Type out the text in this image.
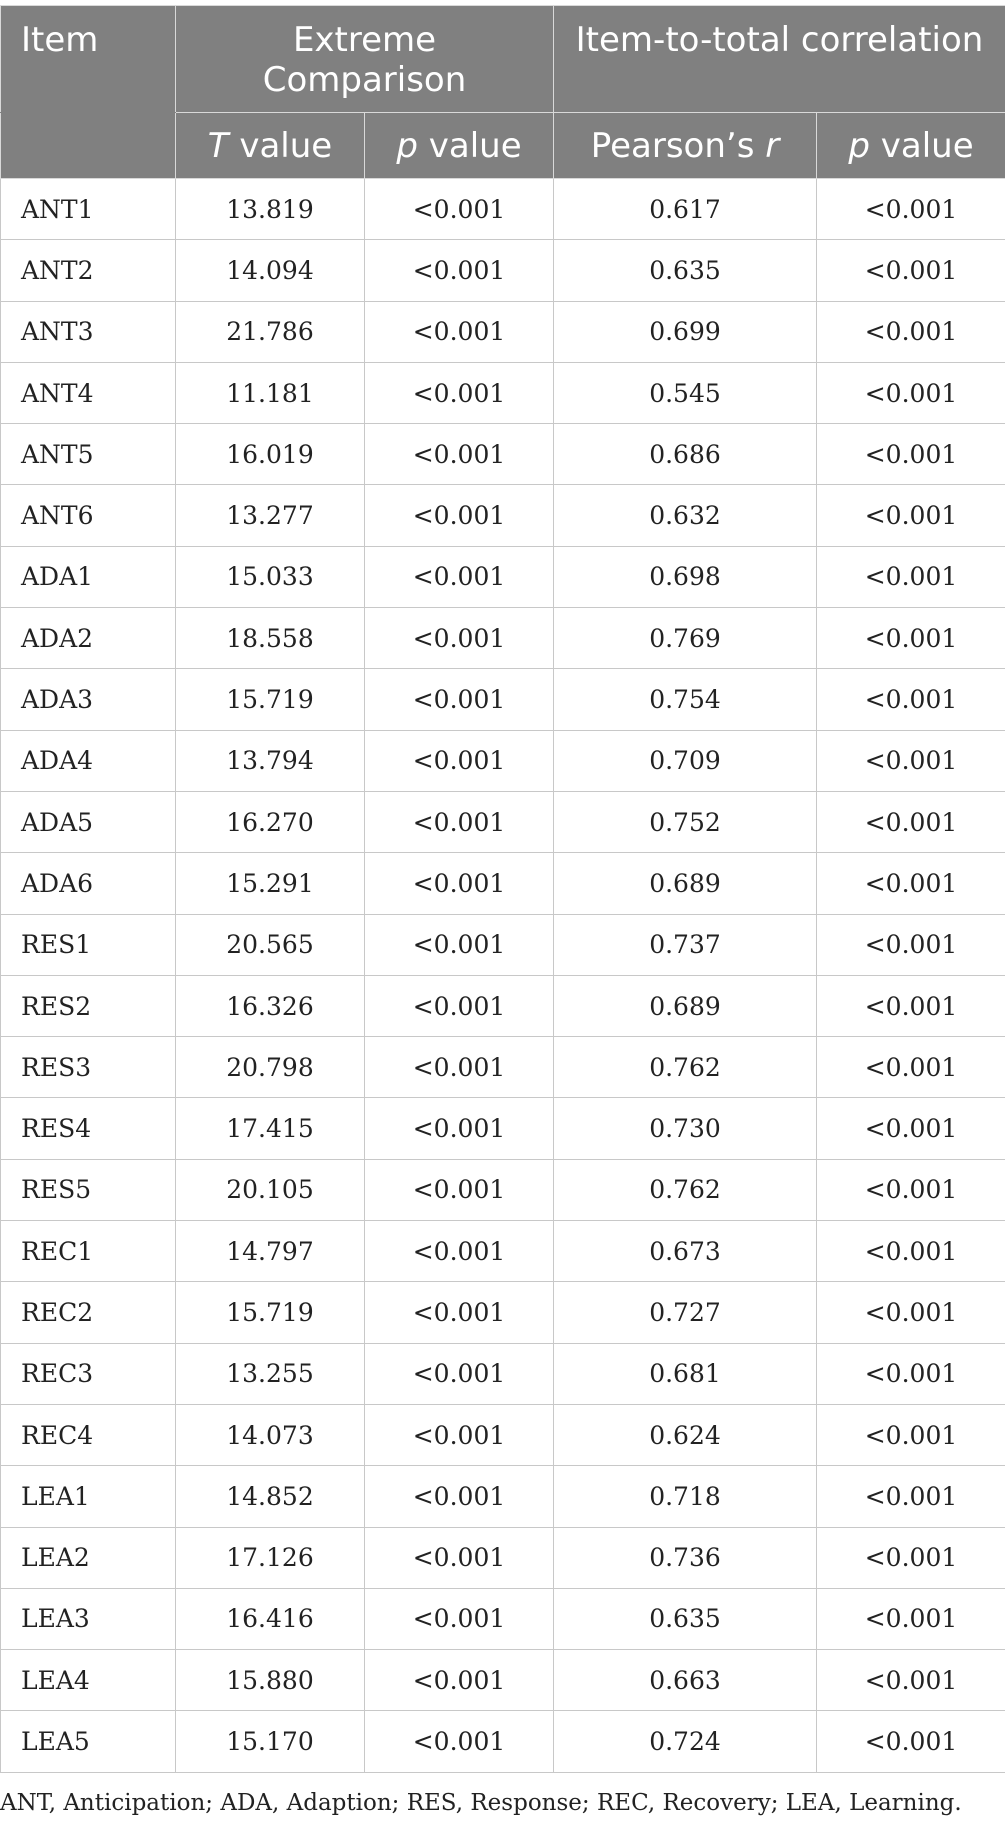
Item	Extreme Comparison		Item-to-total correlation	
	T value	p value	Pearson’s r	p value
ANT1	13.819	<0.001	0.617	<0.001
ANT2	14.094	<0.001	0.635	<0.001
ANT3	21.786	<0.001	0.699	<0.001
ANT4	11.181	<0.001	0.545	<0.001
ANT5	16.019	<0.001	0.686	<0.001
ANT6	13.277	<0.001	0.632	<0.001
ADA1	15.033	<0.001	0.698	<0.001
ADA2	18.558	<0.001	0.769	<0.001
ADA3	15.719	<0.001	0.754	<0.001
ADA4	13.794	<0.001	0.709	<0.001
ADA5	16.270	<0.001	0.752	<0.001
ADA6	15.291	<0.001	0.689	<0.001
RES1	20.565	<0.001	0.737	<0.001
RES2	16.326	<0.001	0.689	<0.001
RES3	20.798	<0.001	0.762	<0.001
RES4	17.415	<0.001	0.730	<0.001
RES5	20.105	<0.001	0.762	<0.001
REC1	14.797	<0.001	0.673	<0.001
REC2	15.719	<0.001	0.727	<0.001
REC3	13.255	<0.001	0.681	<0.001
REC4	14.073	<0.001	0.624	<0.001
LEA1	14.852	<0.001	0.718	<0.001
LEA2	17.126	<0.001	0.736	<0.001
LEA3	16.416	<0.001	0.635	<0.001
LEA4	15.880	<0.001	0.663	<0.001
LEA5	15.170	<0.001	0.724	<0.001
ANT, Anticipation; ADA, Adaption; RES, Response; REC, Recovery; LEA, Learning.
